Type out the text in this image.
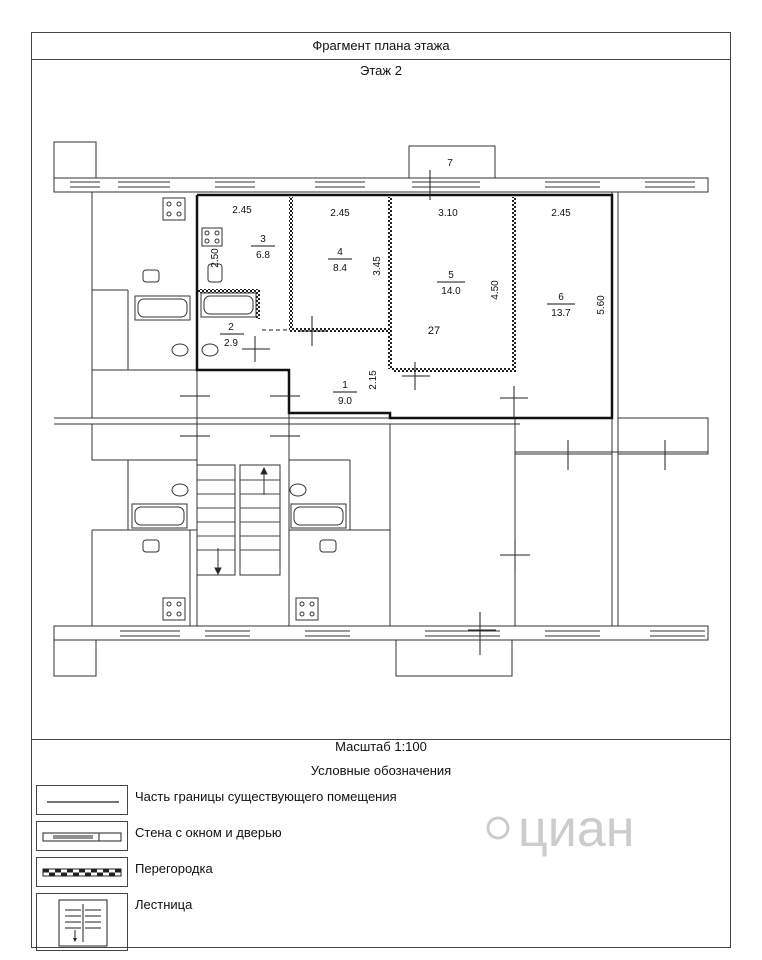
Фрагмент плана этажа
Этаж 2
Масштаб 1:100
Условные обозначения
Часть границы существующего помещения
Стена с окном и дверью
Перегородка
Лестница
1
9.0
2
2.9
3
6.8	4
8.4
5
14.0
6
13.7
7
27
2.45	2.45	3.10	2.45
2.50	3.45
4.50
5.60
2.15
циан
